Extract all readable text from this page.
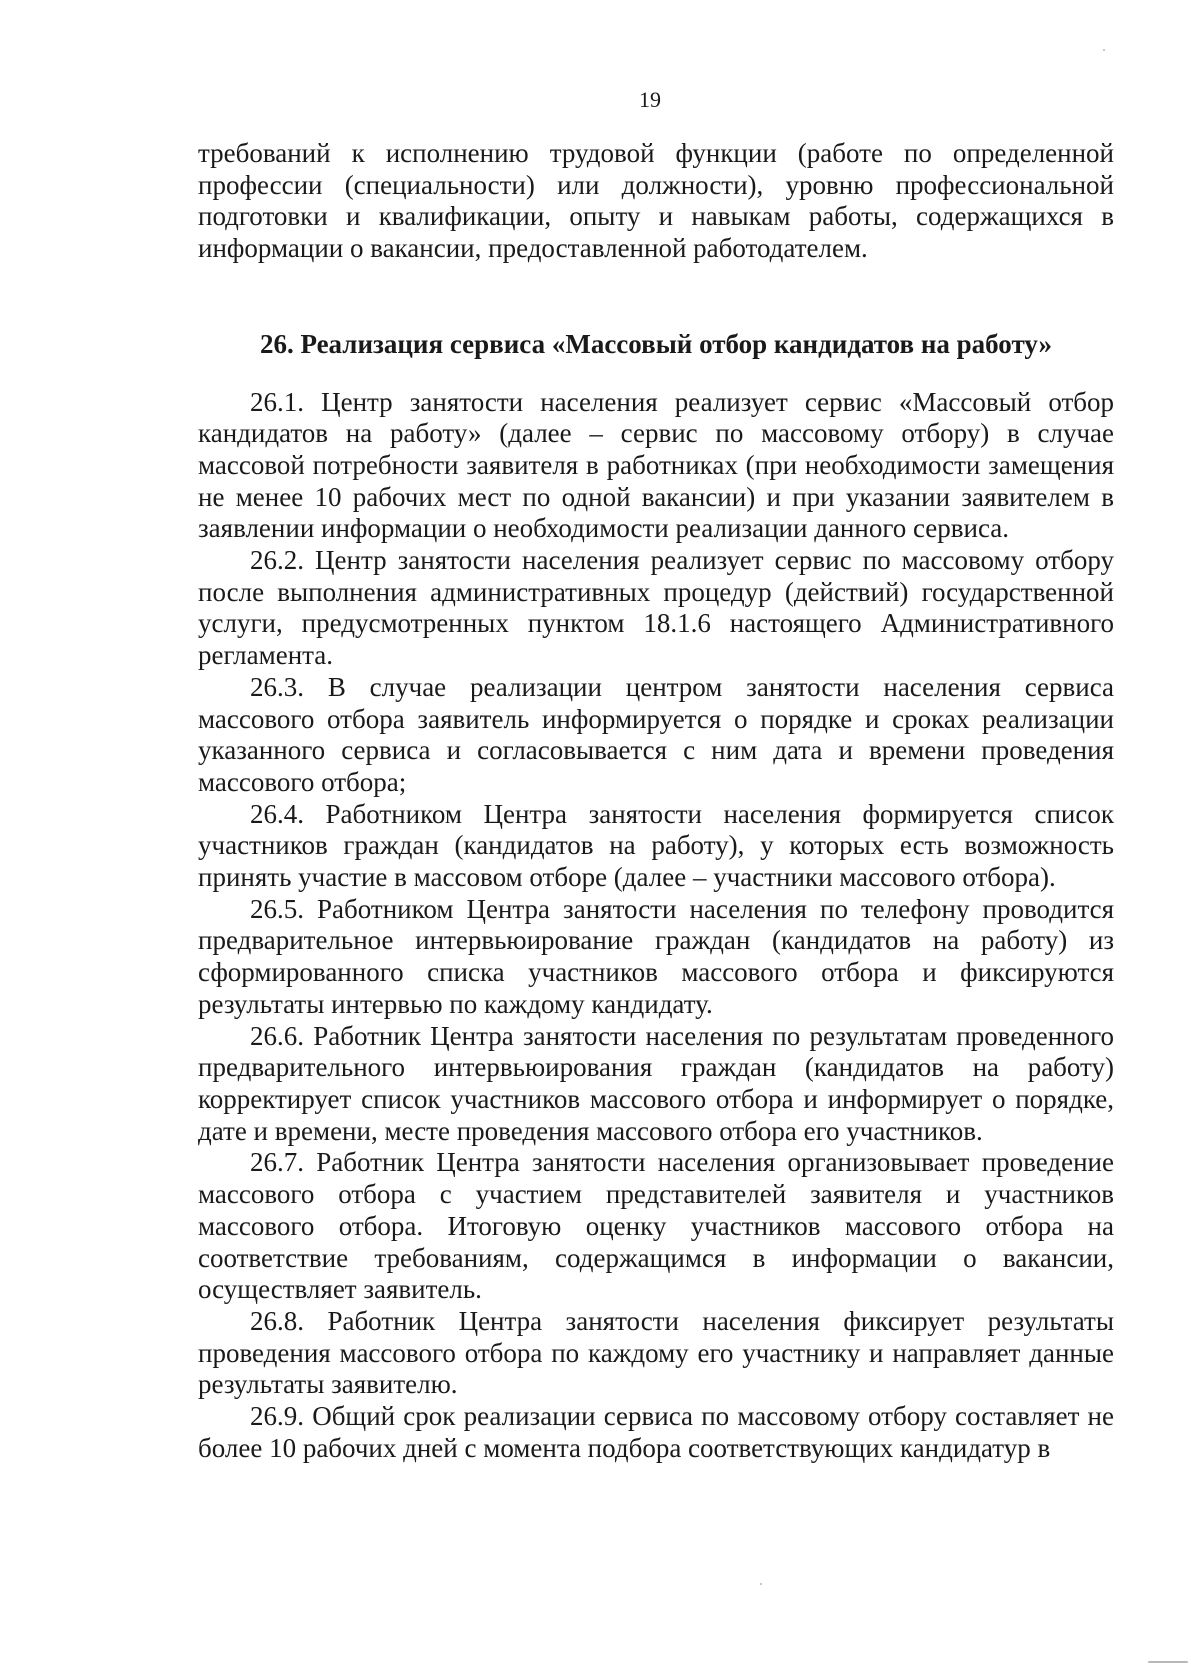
19

требований к исполнению трудовой функции (работе по определенной профессии (специальности) или должности), уровню профессиональной подготовки и квалификации, опыту и навыкам работы, содержащихся в информации о вакансии, предоставленной работодателем.

26. Реализация сервиса «Массовый отбор кандидатов на работу»

26.1. Центр занятости населения реализует сервис «Массовый отбор кандидатов на работу» (далее – сервис по массовому отбору) в случае массовой потребности заявителя в работниках (при необходимости замещения не менее 10 рабочих мест по одной вакансии) и при указании заявителем в заявлении информации о необходимости реализации данного сервиса.

26.2. Центр занятости населения реализует сервис по массовому отбору после выполнения административных процедур (действий) государственной услуги, предусмотренных пунктом 18.1.6 настоящего Административного регламента.

26.3. В случае реализации центром занятости населения сервиса массового отбора заявитель информируется о порядке и сроках реализации указанного сервиса и согласовывается с ним дата и времени проведения массового отбора;

26.4. Работником Центра занятости населения формируется список участников граждан (кандидатов на работу), у которых есть возможность принять участие в массовом отборе (далее – участники массового отбора).

26.5. Работником Центра занятости населения по телефону проводится предварительное интервьюирование граждан (кандидатов на работу) из сформированного списка участников массового отбора и фиксируются результаты интервью по каждому кандидату.

26.6. Работник Центра занятости населения по результатам проведенного предварительного интервьюирования граждан (кандидатов на работу) корректирует список участников массового отбора и информирует о порядке, дате и времени, месте проведения массового отбора его участников.

26.7. Работник Центра занятости населения организовывает проведение массового отбора с участием представителей заявителя и участников массового отбора. Итоговую оценку участников массового отбора на соответствие требованиям, содержащимся в информации о вакансии, осуществляет заявитель.

26.8. Работник Центра занятости населения фиксирует результаты проведения массового отбора по каждому его участнику и направляет данные результаты заявителю.

26.9. Общий срок реализации сервиса по массовому отбору составляет не более 10 рабочих дней с момента подбора соответствующих кандидатур в
